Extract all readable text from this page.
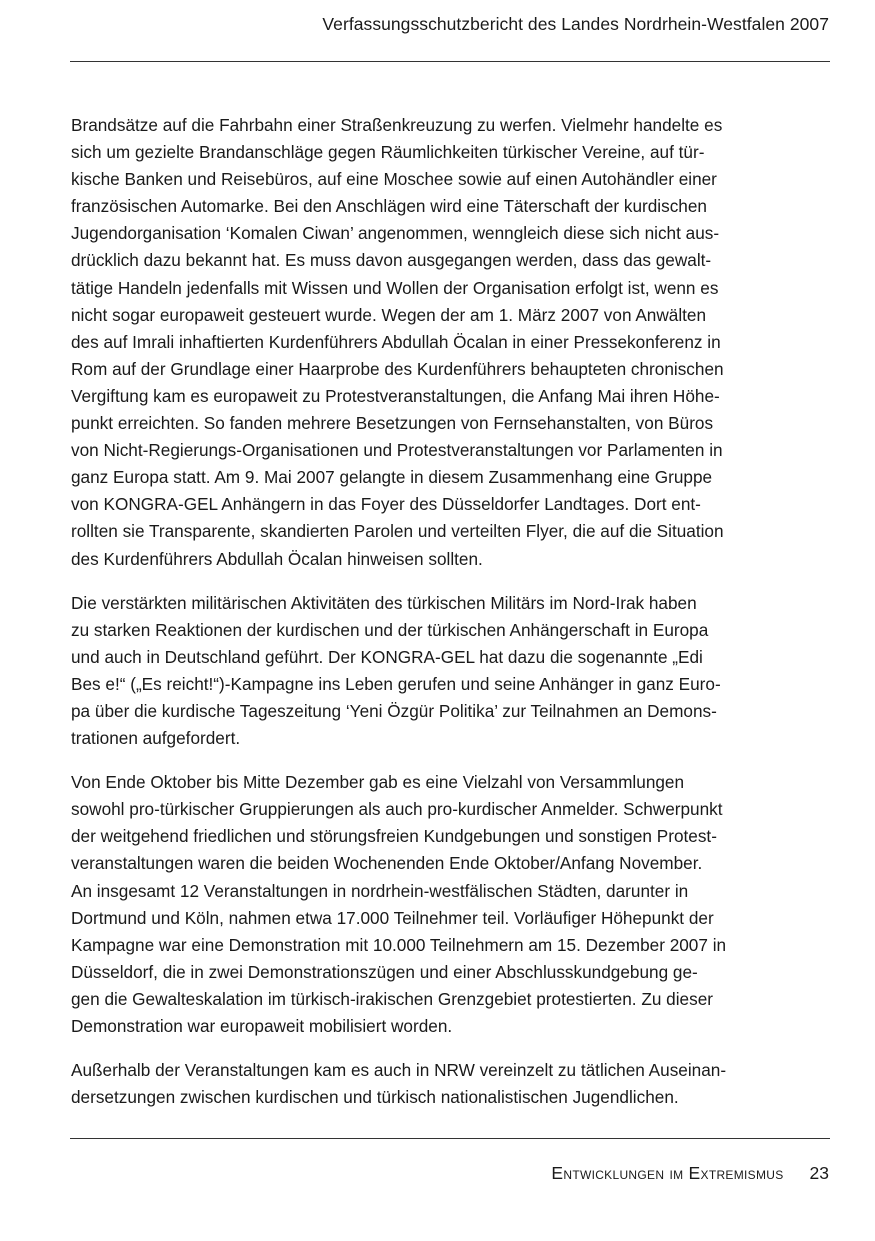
Verfassungsschutzbericht des Landes Nordrhein-Westfalen 2007

Brandsätze auf die Fahrbahn einer Straßenkreuzung zu werfen. Vielmehr handelte es
sich um gezielte Brandanschläge gegen Räumlichkeiten türkischer Vereine, auf tür-
kische Banken und Reisebüros, auf eine Moschee sowie auf einen Autohändler einer
französischen Automarke. Bei den Anschlägen wird eine Täterschaft der kurdischen
Jugendorganisation ‘Komalen Ciwan’ angenommen, wenngleich diese sich nicht aus-
drücklich dazu bekannt hat. Es muss davon ausgegangen werden, dass das gewalt-
tätige Handeln jedenfalls mit Wissen und Wollen der Organisation erfolgt ist, wenn es
nicht sogar europaweit gesteuert wurde. Wegen der am 1. März 2007 von Anwälten
des auf Imrali inhaftierten Kurdenführers Abdullah Öcalan in einer Pressekonferenz in
Rom auf der Grundlage einer Haarprobe des Kurdenführers behaupteten chronischen
Vergiftung kam es europaweit zu Protestveranstaltungen, die Anfang Mai ihren Höhe-
punkt erreichten. So fanden mehrere Besetzungen von Fernsehanstalten, von Büros
von Nicht-Regierungs-Organisationen und Protestveranstaltungen vor Parlamenten in
ganz Europa statt. Am 9. Mai 2007 gelangte in diesem Zusammenhang eine Gruppe
von KONGRA-GEL Anhängern in das Foyer des Düsseldorfer Landtages. Dort ent-
rollten sie Transparente, skandierten Parolen und verteilten Flyer, die auf die Situation
des Kurdenführers Abdullah Öcalan hinweisen sollten.

Die verstärkten militärischen Aktivitäten des türkischen Militärs im Nord-Irak haben
zu starken Reaktionen der kurdischen und der türkischen Anhängerschaft in Europa
und auch in Deutschland geführt. Der KONGRA-GEL hat dazu die sogenannte „Edi
Bes e!“ („Es reicht!“)-Kampagne ins Leben gerufen und seine Anhänger in ganz Euro-
pa über die kurdische Tageszeitung ‘Yeni Özgür Politika’ zur Teilnahmen an Demons-
trationen aufgefordert.

Von Ende Oktober bis Mitte Dezember gab es eine Vielzahl von Versammlungen
sowohl pro-türkischer Gruppierungen als auch pro-kurdischer Anmelder. Schwerpunkt
der weitgehend friedlichen und störungsfreien Kundgebungen und sonstigen Protest-
veranstaltungen waren die beiden Wochenenden Ende Oktober/Anfang November.
An insgesamt 12 Veranstaltungen in nordrhein-westfälischen Städten, darunter in
Dortmund und Köln, nahmen etwa 17.000 Teilnehmer teil. Vorläufiger Höhepunkt der
Kampagne war eine Demonstration mit 10.000 Teilnehmern am 15. Dezember 2007 in
Düsseldorf, die in zwei Demonstrationszügen und einer Abschlusskundgebung ge-
gen die Gewalteskalation im türkisch-irakischen Grenzgebiet protestierten. Zu dieser
Demonstration war europaweit mobilisiert worden.

Außerhalb der Veranstaltungen kam es auch in NRW vereinzelt zu tätlichen Auseinan-
dersetzungen zwischen kurdischen und türkisch nationalistischen Jugendlichen.

Entwicklungen im Extremismus 23
